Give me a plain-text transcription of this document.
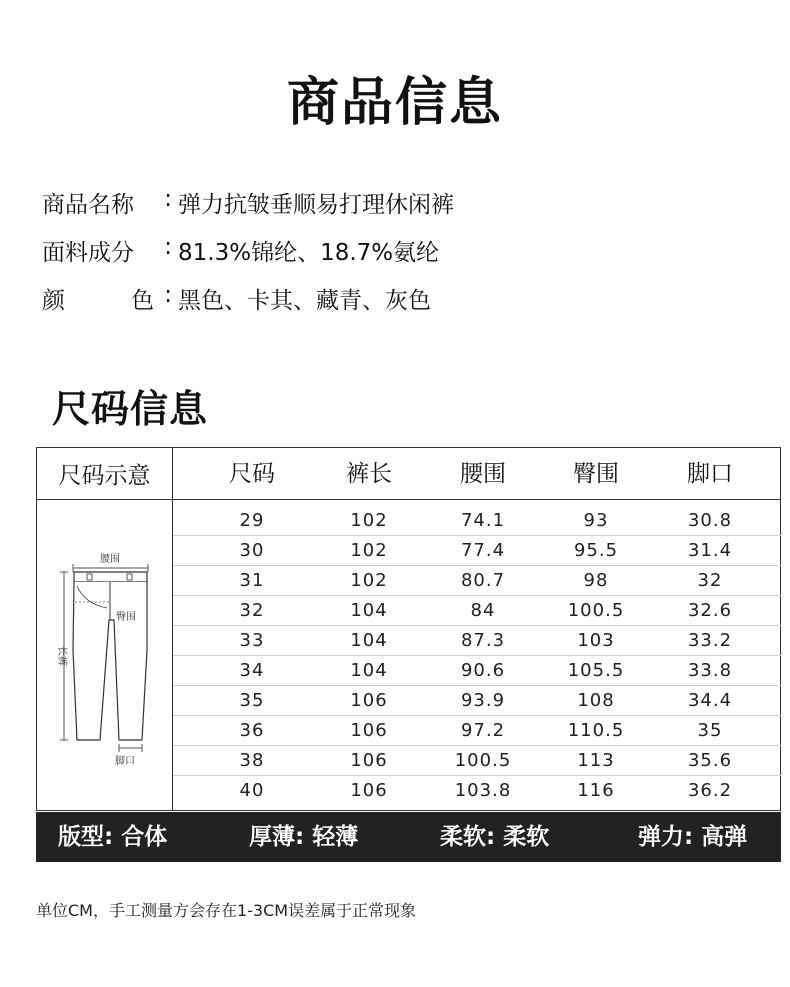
商品信息
商品名称 : 弹力抗皱垂顺易打理休闲裤
面料成分 : 81.3%锦纶、18.7%氨纶
颜	色 : 黑色、卡其、藏青、灰色
尺码信息
尺码示意
腰围
臀围
长裤
脚口
尺码	裤长	腰围	臀围	脚口
29	102	74.1	93	30.8
30	102	77.4	95.5	31.4
31	102	80.7	98	32
32	104	84	100.5	32.6
33	104	87.3	103	33.2
34	104	90.6	105.5	33.8
35	106	93.9	108	34.4
36	106	97.2	110.5	35
38	106	100.5	113	35.6
40	106	103.8	116	36.2
版型: 合体	厚薄: 轻薄	柔软: 柔软	弹力: 高弹
单位CM，手工测量方会存在1-3CM误差属于正常现象
